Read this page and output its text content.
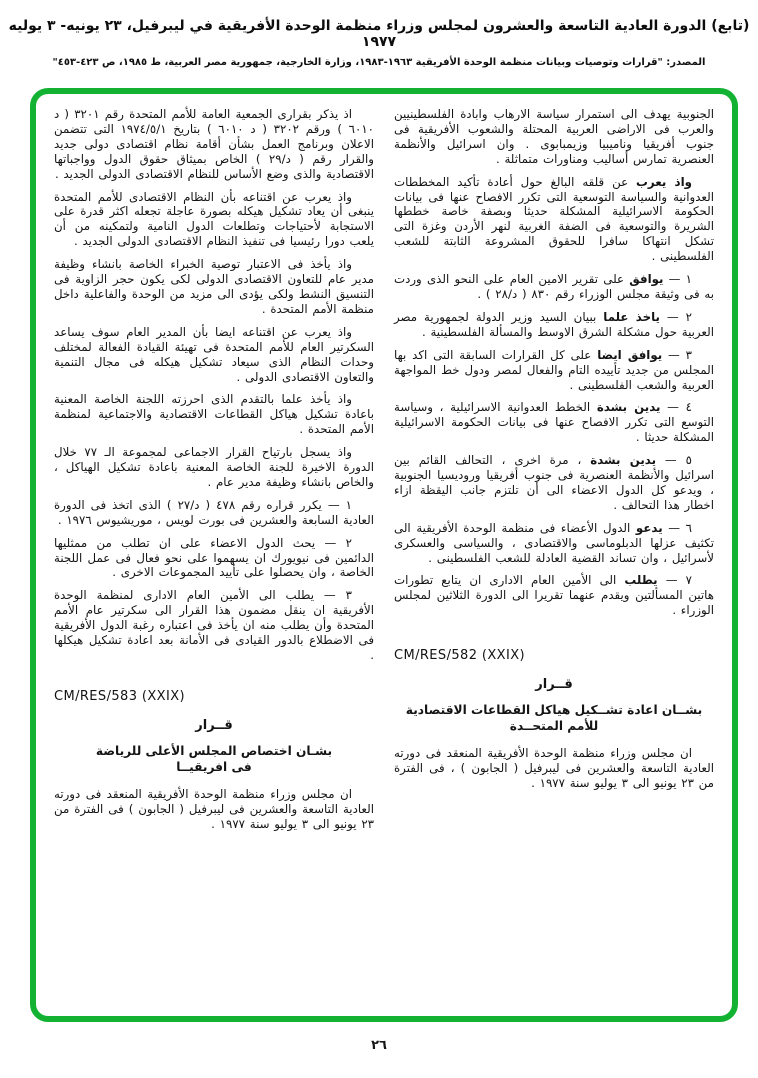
(تابع) الدورة العادية التاسعة والعشرون لمجلس وزراء منظمة الوحدة الأفريقية في ليبرفيل، ٢٣ يونيه- ٣ يوليه ١٩٧٧

المصدر: "قرارات وتوصيات وبيانات منظمة الوحدة الأفريقية ١٩٦٣-١٩٨٣، وزارة الخارجية، جمهورية مصر العربية، ط ١٩٨٥، ص ٤٢٣-٤٥٣"

الجنوبية يهدف الى استمرار سياسة الارهاب وابادة الفلسطينيين والعرب فى الاراضى العربية المحتلة والشعوب الأفريقية فى جنوب أفريقيا وناميبيا وزيمبابوى . وان اسرائيل والأنظمة العنصرية تمارس أساليب ومناورات متماثلة .

واذ يعرب عن قلقه البالغ حول أعادة تأكيد المخططات العدوانية والسياسة التوسعية التى تكرر الافصاح عنها فى بيانات الحكومة الاسرائيلية المشكلة حديثا وبصفة خاصة خططها الشريرة والتوسعية فى الضفة الغربية لنهر الأردن وغزة التى تشكل انتهاكا سافرا للحقوق المشروعة الثابتة للشعب الفلسطينى .

١ — يوافق على تقرير الامين العام على النحو الذى وردت به فى وثيقة مجلس الوزراء رقم ٨٣٠ ( د/٢٨ ) .

٢ — ياخذ علما ببيان السيد وزير الدولة لجمهورية مصر العربية حول مشكلة الشرق الاوسط والمسألة الفلسطينية .

٣ — يوافق ايضا على كل القرارات السابقة التى اكد بها المجلس من جديد تأييده التام والفعال لمصر ودول خط المواجهة العربية والشعب الفلسطينى .

٤ — يدين بشدة الخطط العدوانية الاسرائيلية ، وسياسة التوسع التى تكرر الافصاح عنها فى بيانات الحكومة الاسرائيلية المشكلة حديثا .

٥ — يدين بشدة ، مرة اخرى ، التحالف القائم بين اسرائيل والأنظمة العنصرية فى جنوب أفريقيا وروديسيا الجنوبية ، ويدعو كل الدول الاعضاء الى أن تلتزم جانب اليقظة ازاء اخطار هذا التحالف .

٦ — يدعو الدول الأعضاء فى منظمة الوحدة الأفريقية الى تكثيف عزلها الدبلوماسى والاقتصادى ، والسياسى والعسكرى لأسرائيل ، وان تساند القضية العادلة للشعب الفلسطينى .

٧ — يطلب الى الأمين العام الادارى ان يتابع تطورات هاتين المسألتين ويقدم عنهما تقريرا الى الدورة الثلاثين لمجلس الوزراء .

CM/RES/582 (XXIX)

قــرار

بشــان اعادة تشــكيل هياكل القطاعات الاقتصادية
للأمم المتحــدة

ان مجلس وزراء منظمة الوحدة الأفريقية المنعقد فى دورته العادية التاسعة والعشرين فى ليبرفيل ( الجابون ) ، فى الفترة من ٢٣ يونيو الى ٣ يوليو سنة ١٩٧٧ .

اذ يذكر بقرارى الجمعية العامة للأمم المتحدة رقم ٣٢٠١ ( د ٦٠١٠ ) ورقم ٣٢٠٢ ( د ٦٠١٠ ) بتاريخ ١٩٧٤/٥/١ التى تتضمن الاعلان وبرنامج العمل بشأن أقامة نظام اقتصادى دولى جديد والقرار رقم ( د/٢٩ ) الخاص بميثاق حقوق الدول وواجباتها الاقتصادية والذى وضع الأساس للنظام الاقتصادى الدولى الجديد .

واذ يعرب عن اقتناعه بأن النظام الاقتصادى للأمم المتحدة ينبغى أن يعاد تشكيل هيكله بصورة عاجلة تجعله اكثر قدرة على الاستجابة لأحتياجات وتطلعات الدول النامية ولتمكينه من أن يلعب دورا رئيسيا فى تنفيذ النظام الاقتصادى الدولى الجديد .

واذ يأخذ فى الاعتبار توصية الخبراء الخاصة بانشاء وظيفة مدير عام للتعاون الاقتصادى الدولى لكى يكون حجر الزاوية فى التنسيق النشط ولكى يؤدى الى مزيد من الوحدة والفاعلية داخل منظمة الأمم المتحدة .

واذ يعرب عن اقتناعه ايضا بأن المدير العام سوف يساعد السكرتير العام للأمم المتحدة فى تهيئة القيادة الفعالة لمختلف وحدات النظام الذى سيعاد تشكيل هيكله فى مجال التنمية والتعاون الاقتصادى الدولى .

واذ يأخذ علما بالتقدم الذى احرزته اللجنة الخاصة المعنية باعادة تشكيل هياكل القطاعات الاقتصادية والاجتماعية لمنظمة الأمم المتحدة .

واذ يسجل بارتياح القرار الاجماعى لمجموعة الـ ٧٧ خلال الدورة الاخيرة للجنة الخاصة المعنية باعادة تشكيل الهياكل ، والخاص بانشاء وظيفة مدير عام .

١ — يكرر قراره رقم ٤٧٨ ( د/٢٧ ) الذى اتخذ فى الدورة العادية السابعة والعشرين فى بورت لويس ، موريشيوس ١٩٧٦ .

٢ — يحث الدول الاعضاء على ان تطلب من ممثليها الدائمين فى نيويورك ان يسهموا على نحو فعال فى عمل اللجنة الخاصة ، وان يحصلوا على تأييد المجموعات الاخرى .

٣ — يطلب الى الأمين العام الادارى لمنظمة الوحدة الأفريقية ان ينقل مضمون هذا القرار الى سكرتير عام الأمم المتحدة وأن يطلب منه ان يأخذ فى اعتباره رغبة الدول الأفريقية فى الاضطلاع بالدور القيادى فى الأمانة بعد اعادة تشكيل هيكلها .

CM/RES/583 (XXIX)

قــرار

بشـان اختصاص المجلس الأعلى للرياضة
فى افريقيــا

ان مجلس وزراء منظمة الوحدة الأفريقية المنعقد فى دورته العادية التاسعة والعشرين فى ليبرفيل ( الجابون ) فى الفترة من ٢٣ يونيو الى ٣ يوليو سنة ١٩٧٧ .

٢٦
